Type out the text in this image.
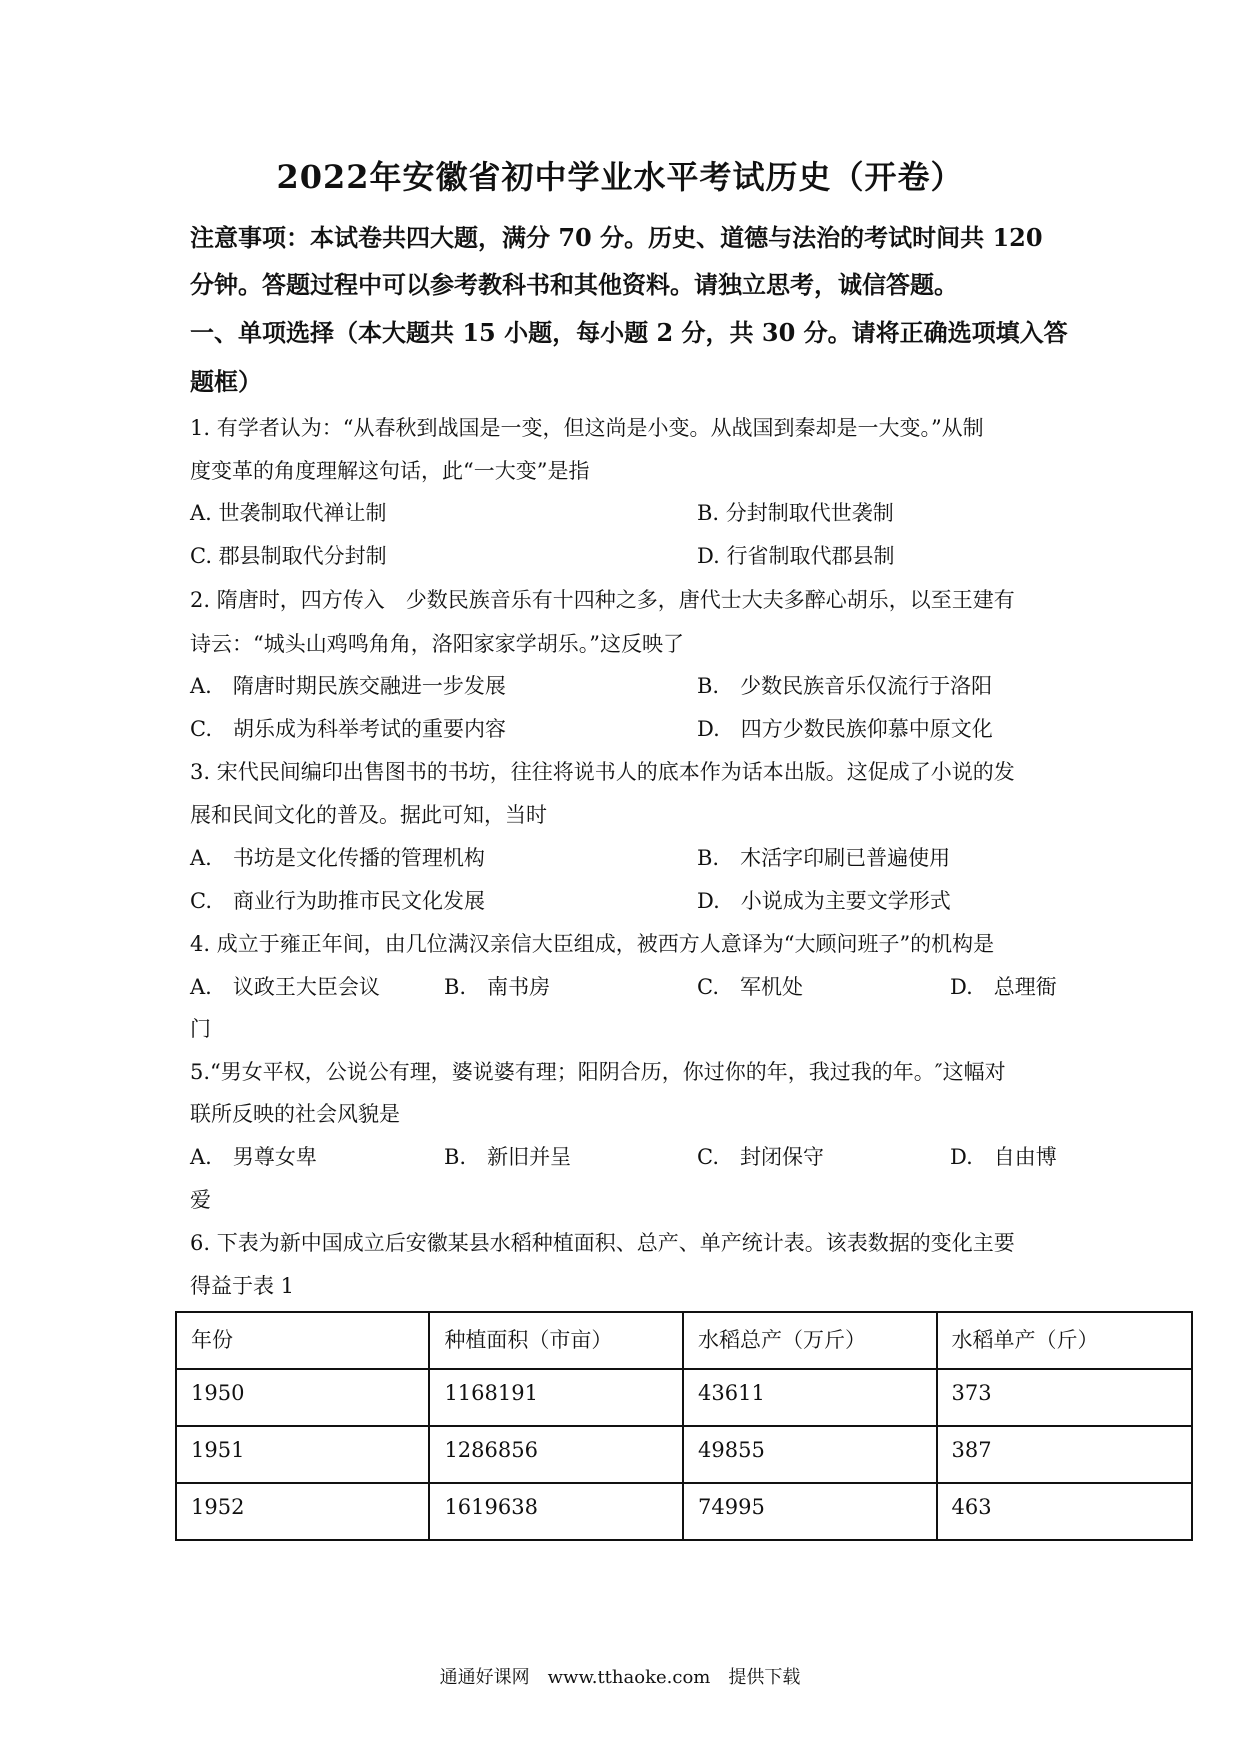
2022年安徽省初中学业水平考试历史（开卷）
注意事项：本试卷共四大题，满分 70 分。历史、道德与法治的考试时间共 120
分钟。答题过程中可以参考教科书和其他资料。请独立思考，诚信答题。
一、单项选择（本大题共 15 小题，每小题 2 分，共 30 分。请将正确选项填入答
题框）
1. 有学者认为：“从春秋到战国是一变，但这尚是小变。从战国到秦却是一大变。”从制
度变革的角度理解这句话，此“一大变”是指
A. 世袭制取代禅让制	B. 分封制取代世袭制
C. 郡县制取代分封制	D. 行省制取代郡县制
2. 隋唐时，四方传入　少数民族音乐有十四种之多，唐代士大夫多醉心胡乐，以至王建有
诗云：“城头山鸡鸣角角，洛阳家家学胡乐。”这反映了
A.　隋唐时期民族交融进一步发展	B.　少数民族音乐仅流行于洛阳
C.　胡乐成为科举考试的重要内容	D.　四方少数民族仰慕中原文化
3. 宋代民间编印出售图书的书坊，往往将说书人的底本作为话本出版。这促成了小说的发
展和民间文化的普及。据此可知，当时
A.　书坊是文化传播的管理机构	B.　木活字印刷已普遍使用
C.　商业行为助推市民文化发展	D.　小说成为主要文学形式
4. 成立于雍正年间，由几位满汉亲信大臣组成，被西方人意译为“大顾问班子”的机构是
A.　议政王大臣会议	B.　南书房	C.　军机处	D.　总理衙
门
5.“男女平权，公说公有理，婆说婆有理；阳阴合历，你过你的年，我过我的年。″这幅对
联所反映的社会风貌是
A.　男尊女卑	B.　新旧并呈	C.　封闭保守	D.　自由博
爱
6. 下表为新中国成立后安徽某县水稻种植面积、总产、单产统计表。该表数据的变化主要
得益于表 1
年份	种植面积（市亩）	水稻总产（万斤）	水稻单产（斤）
1950	1168191	43611	373
1951	1286856	49855	387
1952	1619638	74995	463
通通好课网　www.tthaoke.com　提供下载
